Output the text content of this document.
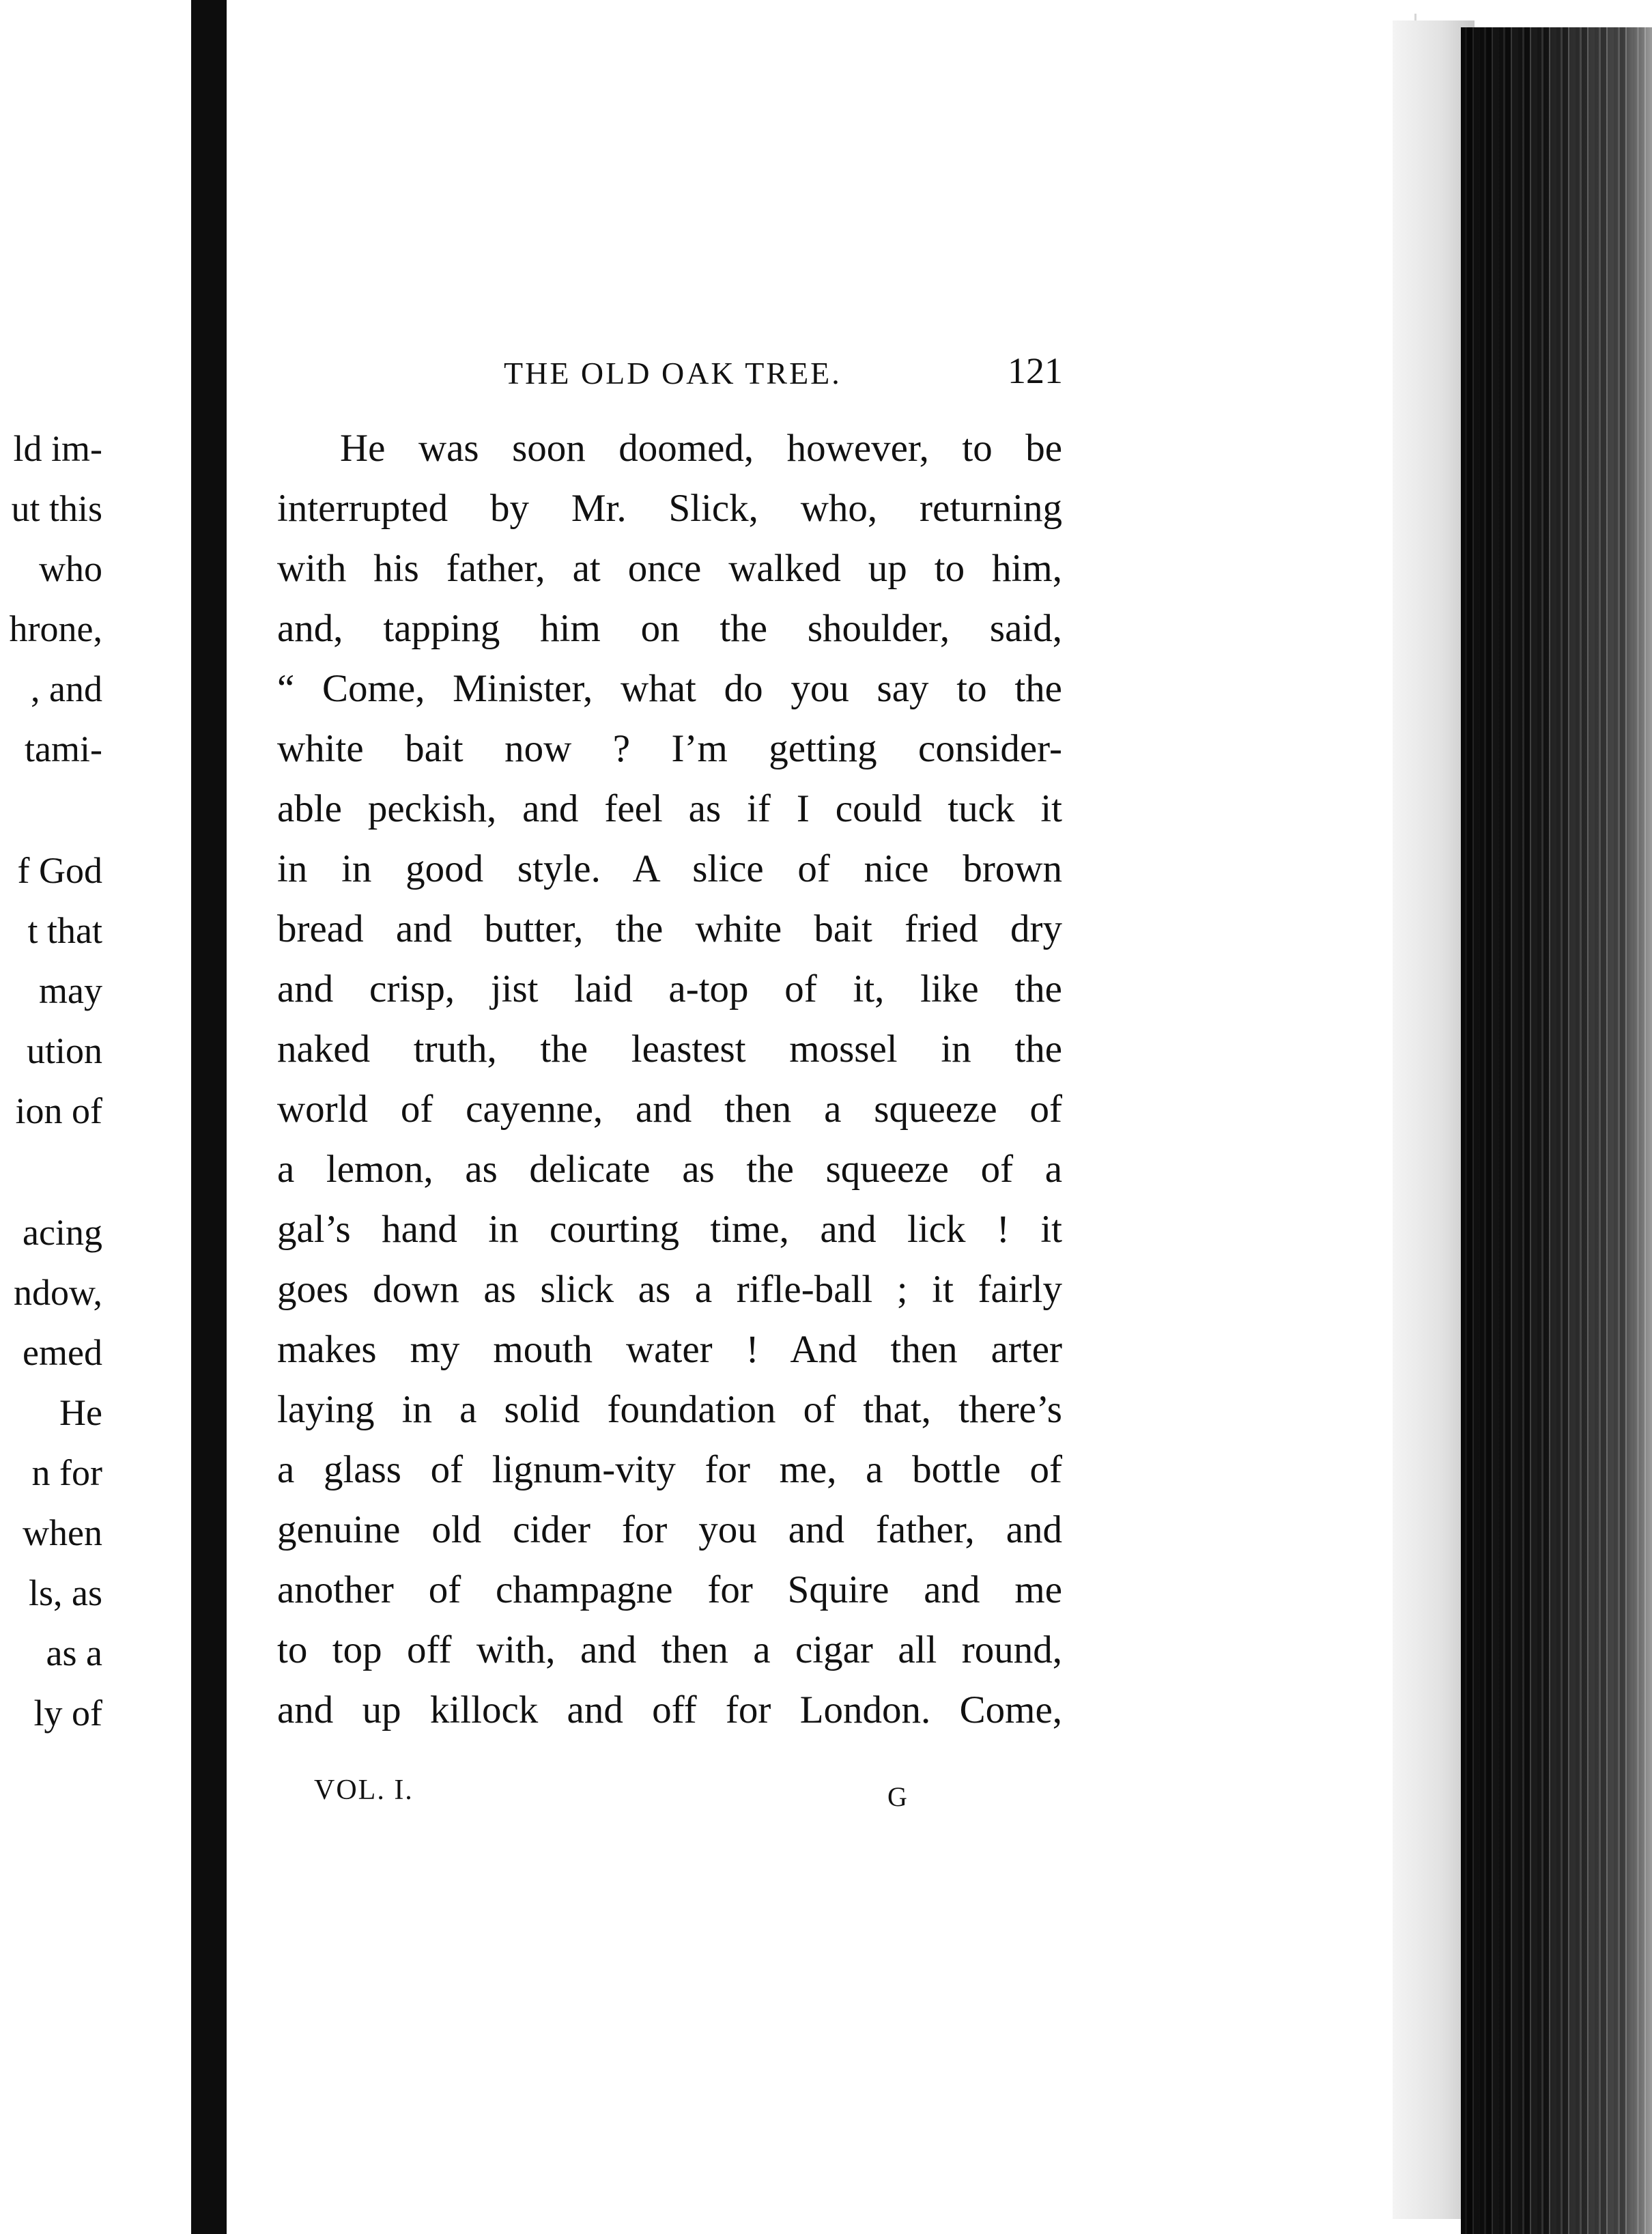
ld im-
ut this
who
hrone,
, and
tami-
f God
t that
may
ution
ion of
acing
ndow,
emed
He
n for
when
ls, as
as a
ly of
THE OLD OAK TREE.	121
He was soon doomed, however, to be
interrupted by Mr. Slick, who, returning
with his father, at once walked up to him,
and, tapping him on the shoulder, said,
“ Come, Minister, what do you say to the
white bait now ? I’m getting consider-
able peckish, and feel as if I could tuck it
in in good style. A slice of nice brown
bread and butter, the white bait fried dry
and crisp, jist laid a-top of it, like the
naked truth, the leastest mossel in the
world of cayenne, and then a squeeze of
a lemon, as delicate as the squeeze of a
gal’s hand in courting time, and lick ! it
goes down as slick as a rifle-ball ; it fairly
makes my mouth water ! And then arter
laying in a solid foundation of that, there’s
a glass of lignum-vity for me, a bottle of
genuine old cider for you and father, and
another of champagne for Squire and me
to top off with, and then a cigar all round,
and up killock and off for London. Come,
VOL. I.	G
